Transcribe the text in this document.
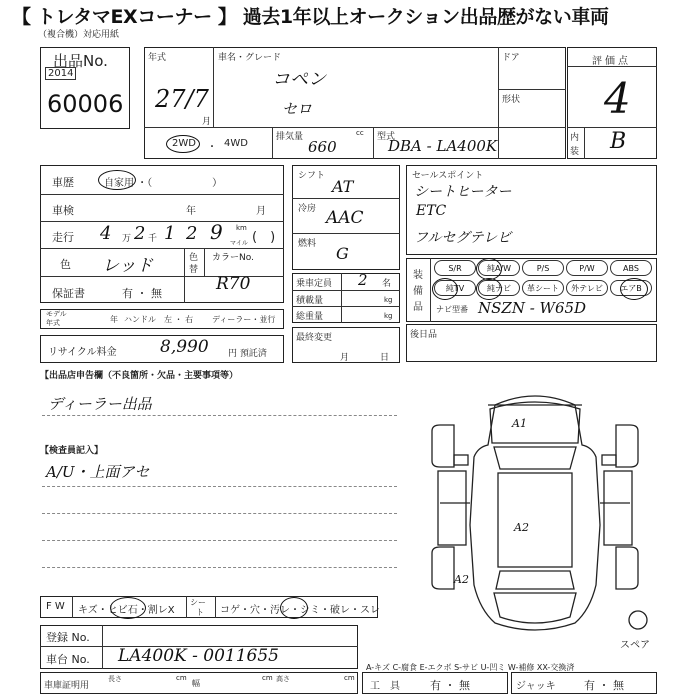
【 トレタマEXコーナー 】 過去1年以上オークション出品歴がない車両
（複合機）対応用紙
出品No.
2014
60006
年式
27/7
月
車名・グレード
コペン
セロ
ドア
形状
2WD ・ 4WD
排気量	cc
660
型式
DBA - LA400K
評価点
4
内
装 B
車歴	自家用 ・（　　　　　　）
車検	年	月
走行 4 万 2 千 1 2 9 km
マイル (　)
色 レッド	色
替
カラーNo.
R70
保証書	有 ・ 無
モデル
年式	年 ハンドル 左 ・ 右 ディーラー・並行
リサイクル料金	8,990 円 預託済
シフト
AT
冷房 AAC
燃料 G
乗車定員 2 名
積載量	kg
総重量	kg
最終変更
月	日
セールスポイント
シートヒーター
ETC
フルセグテレビ
装
備
品
S/R	純A/W	P/S	P/W	ABS
純TV	純ナビ	革シート	外テレビ	エアB
ナビ型番 NSZN - W65D
後日品
【出品店申告欄（不良箇所・欠品・主要事項等）
ディーラー出品
【検査員記入】
A/U・上面アセ
A1
A2
A2
スペア
A-キズ C-腐食 E-エクボ S-サビ U-凹ミ W-補修 XX-交換済
F W キズ・ヒビ石・割レX
シー
ト コゲ・穴・汚レ・シミ・破レ・スレ
登録 No.
車台 No. LA400K - 0011655
車庫証明用
長さ	cm
幅
cm 高さ	cm
工　具	有 ・ 無	ジャッキ	有 ・ 無
